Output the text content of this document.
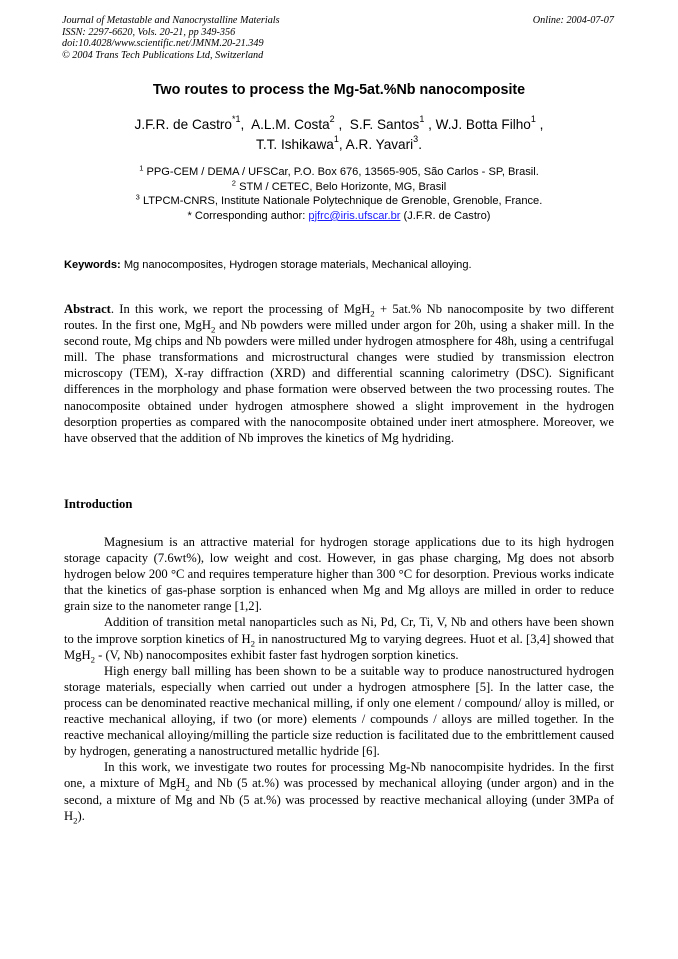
Journal of Metastable and Nanocrystalline Materials
ISSN: 2297-6620, Vols. 20-21, pp 349-356
doi:10.4028/www.scientific.net/JMNM.20-21.349
© 2004 Trans Tech Publications Ltd, Switzerland
Online: 2004-07-07
Two routes to process the Mg-5at.%Nb nanocomposite
J.F.R. de Castro$^{*1}$,  A.L.M. Costa$^2$ ,  S.F. Santos$^1$ , W.J. Botta Filho$^1$ ,
T.T. Ishikawa$^1$, A.R. Yavari$^3$.
$^1$ PPG-CEM / DEMA / UFSCar, P.O. Box 676, 13565-905, São Carlos - SP, Brasil.
$^2$ STM / CETEC, Belo Horizonte, MG, Brasil
$^3$ LTPCM-CNRS, Institute Nationale Polytechnique de Grenoble, Grenoble, France.
* Corresponding author: pjfrc@iris.ufscar.br (J.F.R. de Castro)
Keywords: Mg nanocomposites, Hydrogen storage materials, Mechanical alloying.
Abstract. In this work, we report the processing of MgH$_2$ + 5at.% Nb nanocomposite by two different routes. In the first one, MgH$_2$ and Nb powders were milled under argon for 20h, using a shaker mill. In the second route, Mg chips and Nb powders were milled under hydrogen atmosphere for 48h, using a centrifugal mill. The phase transformations and microstructural changes were studied by transmission electron microscopy (TEM), X-ray diffraction (XRD) and differential scanning calorimetry (DSC). Significant differences in the morphology and phase formation were observed between the two processing routes. The nanocomposite obtained under hydrogen atmosphere showed a slight improvement in the hydrogen desorption properties as compared with the nanocomposite obtained under inert atmosphere. Moreover, we have observed that the addition of Nb improves the kinetics of Mg hydriding.
Introduction

Magnesium is an attractive material for hydrogen storage applications due to its high hydrogen storage capacity (7.6wt%), low weight and cost. However, in gas phase charging, Mg does not absorb hydrogen below 200 °C and requires temperature higher than 300 °C for desorption. Previous works indicate that the kinetics of gas-phase sorption is enhanced when Mg and Mg alloys are milled in order to reduce grain size to the nanometer range [1,2].

Addition of transition metal nanoparticles such as Ni, Pd, Cr, Ti, V, Nb and others have been shown to the improve sorption kinetics of $H_2$ in nanostructured Mg to varying degrees. Huot et al. [3,4] showed that MgH$_2$ - (V, Nb) nanocomposites exhibit faster fast hydrogen sorption kinetics.

High energy ball milling has been shown to be a suitable way to produce nanostructured hydrogen storage materials, especially when carried out under a hydrogen atmosphere [5]. In the latter case, the process can be denominated reactive mechanical milling, if only one element / compound/ alloy is milled, or reactive mechanical alloying, if two (or more) elements / compounds / alloys are milled together. In the reactive mechanical alloying/milling the particle size reduction is facilitated due to the embrittlement caused by hydrogen, generating a nanostructured metallic hydride [6].

In this work, we investigate two routes for processing Mg-Nb nanocompisite hydrides. In the first one, a mixture of MgH$_2$ and Nb (5 at.%) was processed by mechanical alloying (under argon) and in the second, a mixture of Mg and Nb (5 at.%) was processed by reactive mechanical alloying (under 3MPa of $H_2$).
